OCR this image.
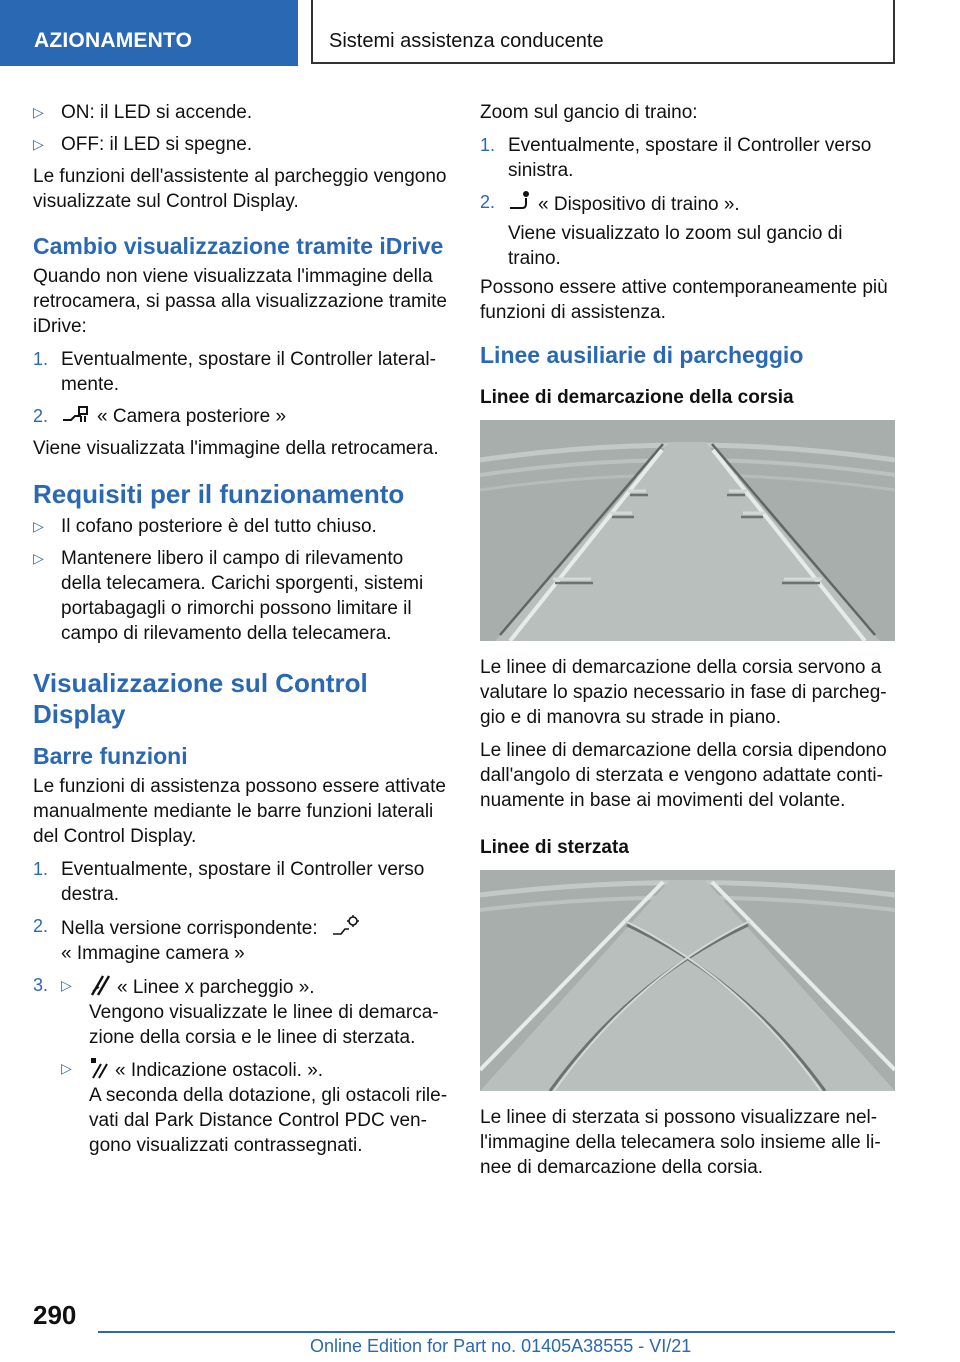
AZIONAMENTO	Sistemi assistenza conducente
▷ ON: il LED si accende.
▷ OFF: il LED si spegne.

Le funzioni dell'assistente al parcheggio vengono visualizzate sul Control Display.

Cambio visualizzazione tramite iDrive

Quando non viene visualizzata l'immagine della retrocamera, si passa alla visualizzazione tramite iDrive:

1. Eventualmente, spostare il Controller lateralmente.
2.	« Camera posteriore »

Viene visualizzata l'immagine della retrocamera.

Requisiti per il funzionamento
▷ Il cofano posteriore è del tutto chiuso.
▷ Mantenere libero il campo di rilevamento della telecamera. Carichi sporgenti, sistemi portabagagli o rimorchi possono limitare il campo di rilevamento della telecamera.
Visualizzazione sul Control Display
Barre funzioni

Le funzioni di assistenza possono essere attivate manualmente mediante le barre funzioni laterali del Control Display.

1. Eventualmente, spostare il Controller verso destra.
2. Nella versione corrispondente:
« Immagine camera »
3. ▷ « Linee x parcheggio ».
Vengono visualizzate le linee di demarcazione della corsia e le linee di sterzata.
▷ « Indicazione ostacoli. ».
A seconda della dotazione, gli ostacoli rilevati dal Park Distance Control PDC vengono visualizzati contrassegnati.

Zoom sul gancio di traino:

1. Eventualmente, spostare il Controller verso sinistra.
2. « Dispositivo di traino ».
Viene visualizzato lo zoom sul gancio di traino.

Possono essere attive contemporaneamente più funzioni di assistenza.

Linee ausiliarie di parcheggio
Linee di demarcazione della corsia

Le linee di demarcazione della corsia servono a valutare lo spazio necessario in fase di parcheggio e di manovra su strade in piano.

Le linee di demarcazione della corsia dipendono dall'angolo di sterzata e vengono adattate continuamente in base ai movimenti del volante.

Linee di sterzata

Le linee di sterzata si possono visualizzare nell'immagine della telecamera solo insieme alle linee di demarcazione della corsia.

290
Online Edition for Part no. 01405A38555 - VI/21
